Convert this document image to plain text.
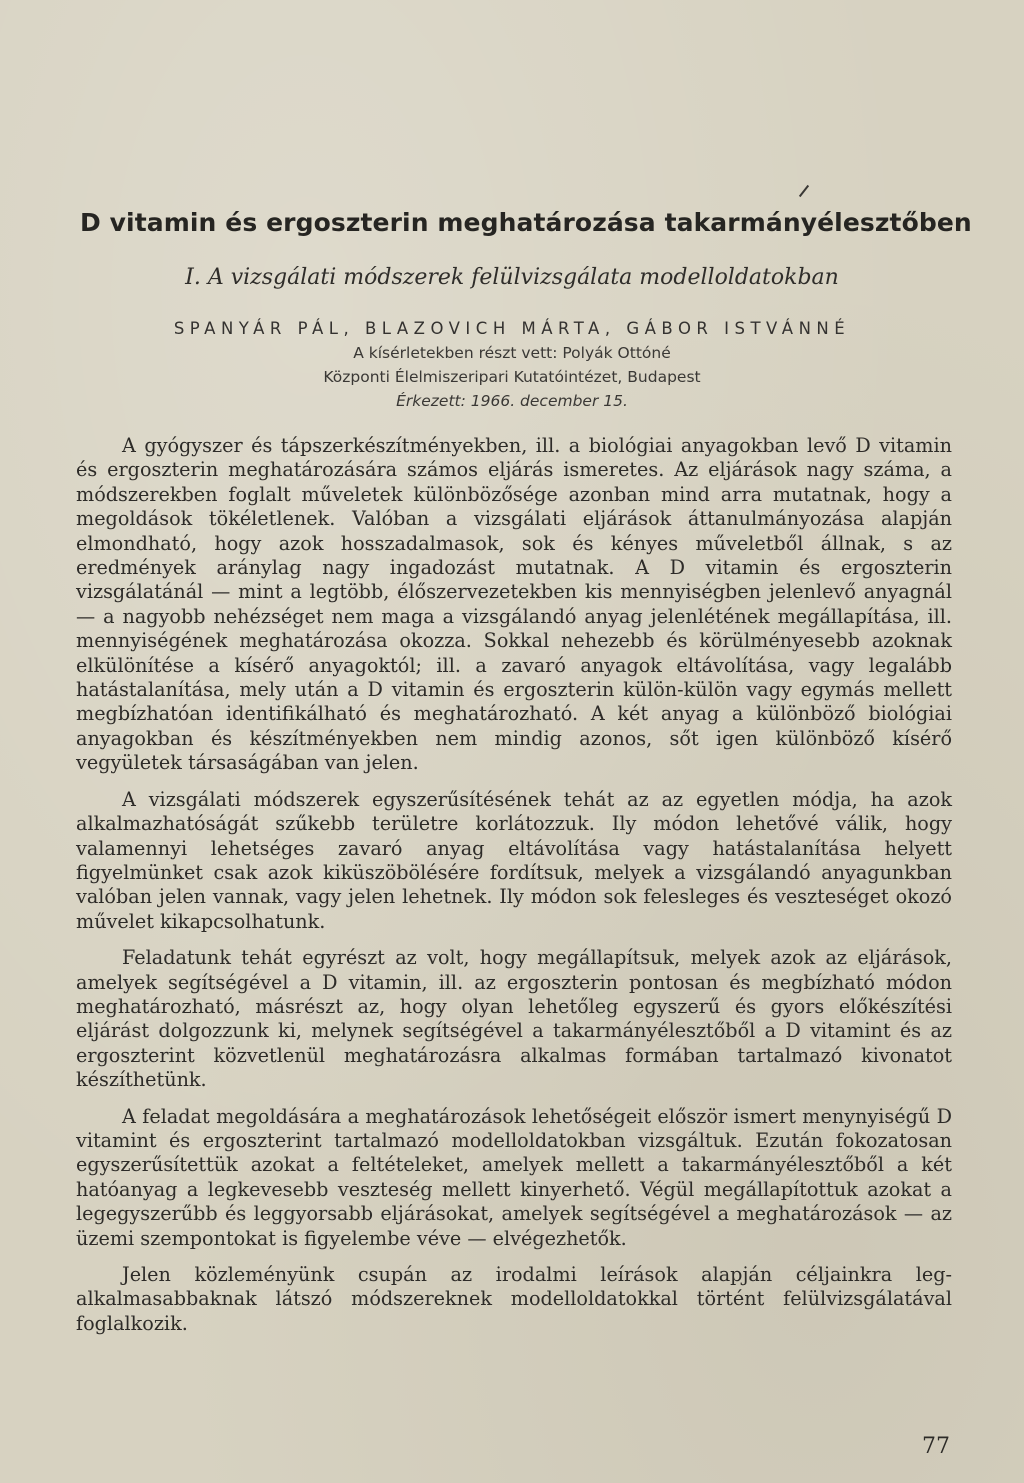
D vitamin és ergoszterin meghatározása takarmányélesztőben
I. A vizsgálati módszerek felülvizsgálata modelloldatokban
SPANYÁR PÁL, BLAZOVICH MÁRTA, GÁBOR ISTVÁNNÉ
A kísérletekben részt vett: Polyák Ottóné
Központi Élelmiszeripari Kutatóintézet, Budapest
Érkezett: 1966. december 15.

A gyógyszer és tápszerkészítményekben, ill. a biológiai anyagokban levő D vitamin és ergoszterin meghatározására számos eljárás ismeretes. Az eljárások nagy száma, a módszerekben foglalt műveletek különbözősége azonban mind arra mutatnak, hogy a megoldások tökéletlenek. Valóban a vizsgálati eljárások áttanulmányozása alapján elmondható, hogy azok hosszadalmasok, sok és kényes műveletből állnak, s az eredmények aránylag nagy ingadozást mutatnak. A D vitamin és ergoszterin vizsgálatánál — mint a legtöbb, élőszervezetekben kis mennyiségben jelenlevő anyagnál — a nagyobb nehézséget nem maga a vizsgálandó anyag jelenlétének megállapítása, ill. mennyiségének meghatározása okozza. Sokkal nehezebb és körülményesebb azoknak elkülönítése a kísérő anyagoktól; ill. a zavaró anyagok eltávolítása, vagy legalább hatástalanítása, mely után a D vitamin és ergoszterin külön-külön vagy egymás mellett megbízhatóan identifikálható és meghatározható. A két anyag a különböző biológiai anyagokban és készítményekben nem mindig azonos, sőt igen különböző kísérő vegyületek társaságában van jelen.

A vizsgálati módszerek egyszerűsítésének tehát az az egyetlen módja, ha azok alkalmazhatóságát szűkebb területre korlátozzuk. Ily módon lehetővé válik, hogy valamennyi lehetséges zavaró anyag eltávolítása vagy hatástalanítása helyett figyelmünket csak azok kiküszöbölésére fordítsuk, melyek a vizsgálandó anyagunkban valóban jelen vannak, vagy jelen lehetnek. Ily módon sok felesleges és veszteséget okozó művelet kikapcsolhatunk.

Feladatunk tehát egyrészt az volt, hogy megállapítsuk, melyek azok az eljárások, amelyek segítségével a D vitamin, ill. az ergoszterin pontosan és megbízható módon meghatározható, másrészt az, hogy olyan lehetőleg egyszerű és gyors előkészítési eljárást dolgozzunk ki, melynek segítségével a takarmányélesztőből a D vitamint és az ergoszterint közvetlenül meghatározásra alkalmas formában tartalmazó kivonatot készíthetünk.

A feladat megoldására a meghatározások lehetőségeit először ismert menynyiségű D vitamint és ergoszterint tartalmazó modelloldatokban vizsgáltuk. Ezután fokozatosan egyszerűsítettük azokat a feltételeket, amelyek mellett a takarmányélesztőből a két hatóanyag a legkevesebb veszteség mellett kinyerhető. Végül megállapítottuk azokat a legegyszerűbb és leggyorsabb eljárásokat, amelyek segítségével a meghatározások — az üzemi szempontokat is figyelembe véve — elvégezhetők.

Jelen közleményünk csupán az irodalmi leírások alapján céljainkra legalkalmasabbaknak látszó módszereknek modelloldatokkal történt felülvizsgálatával foglalkozik.

77
